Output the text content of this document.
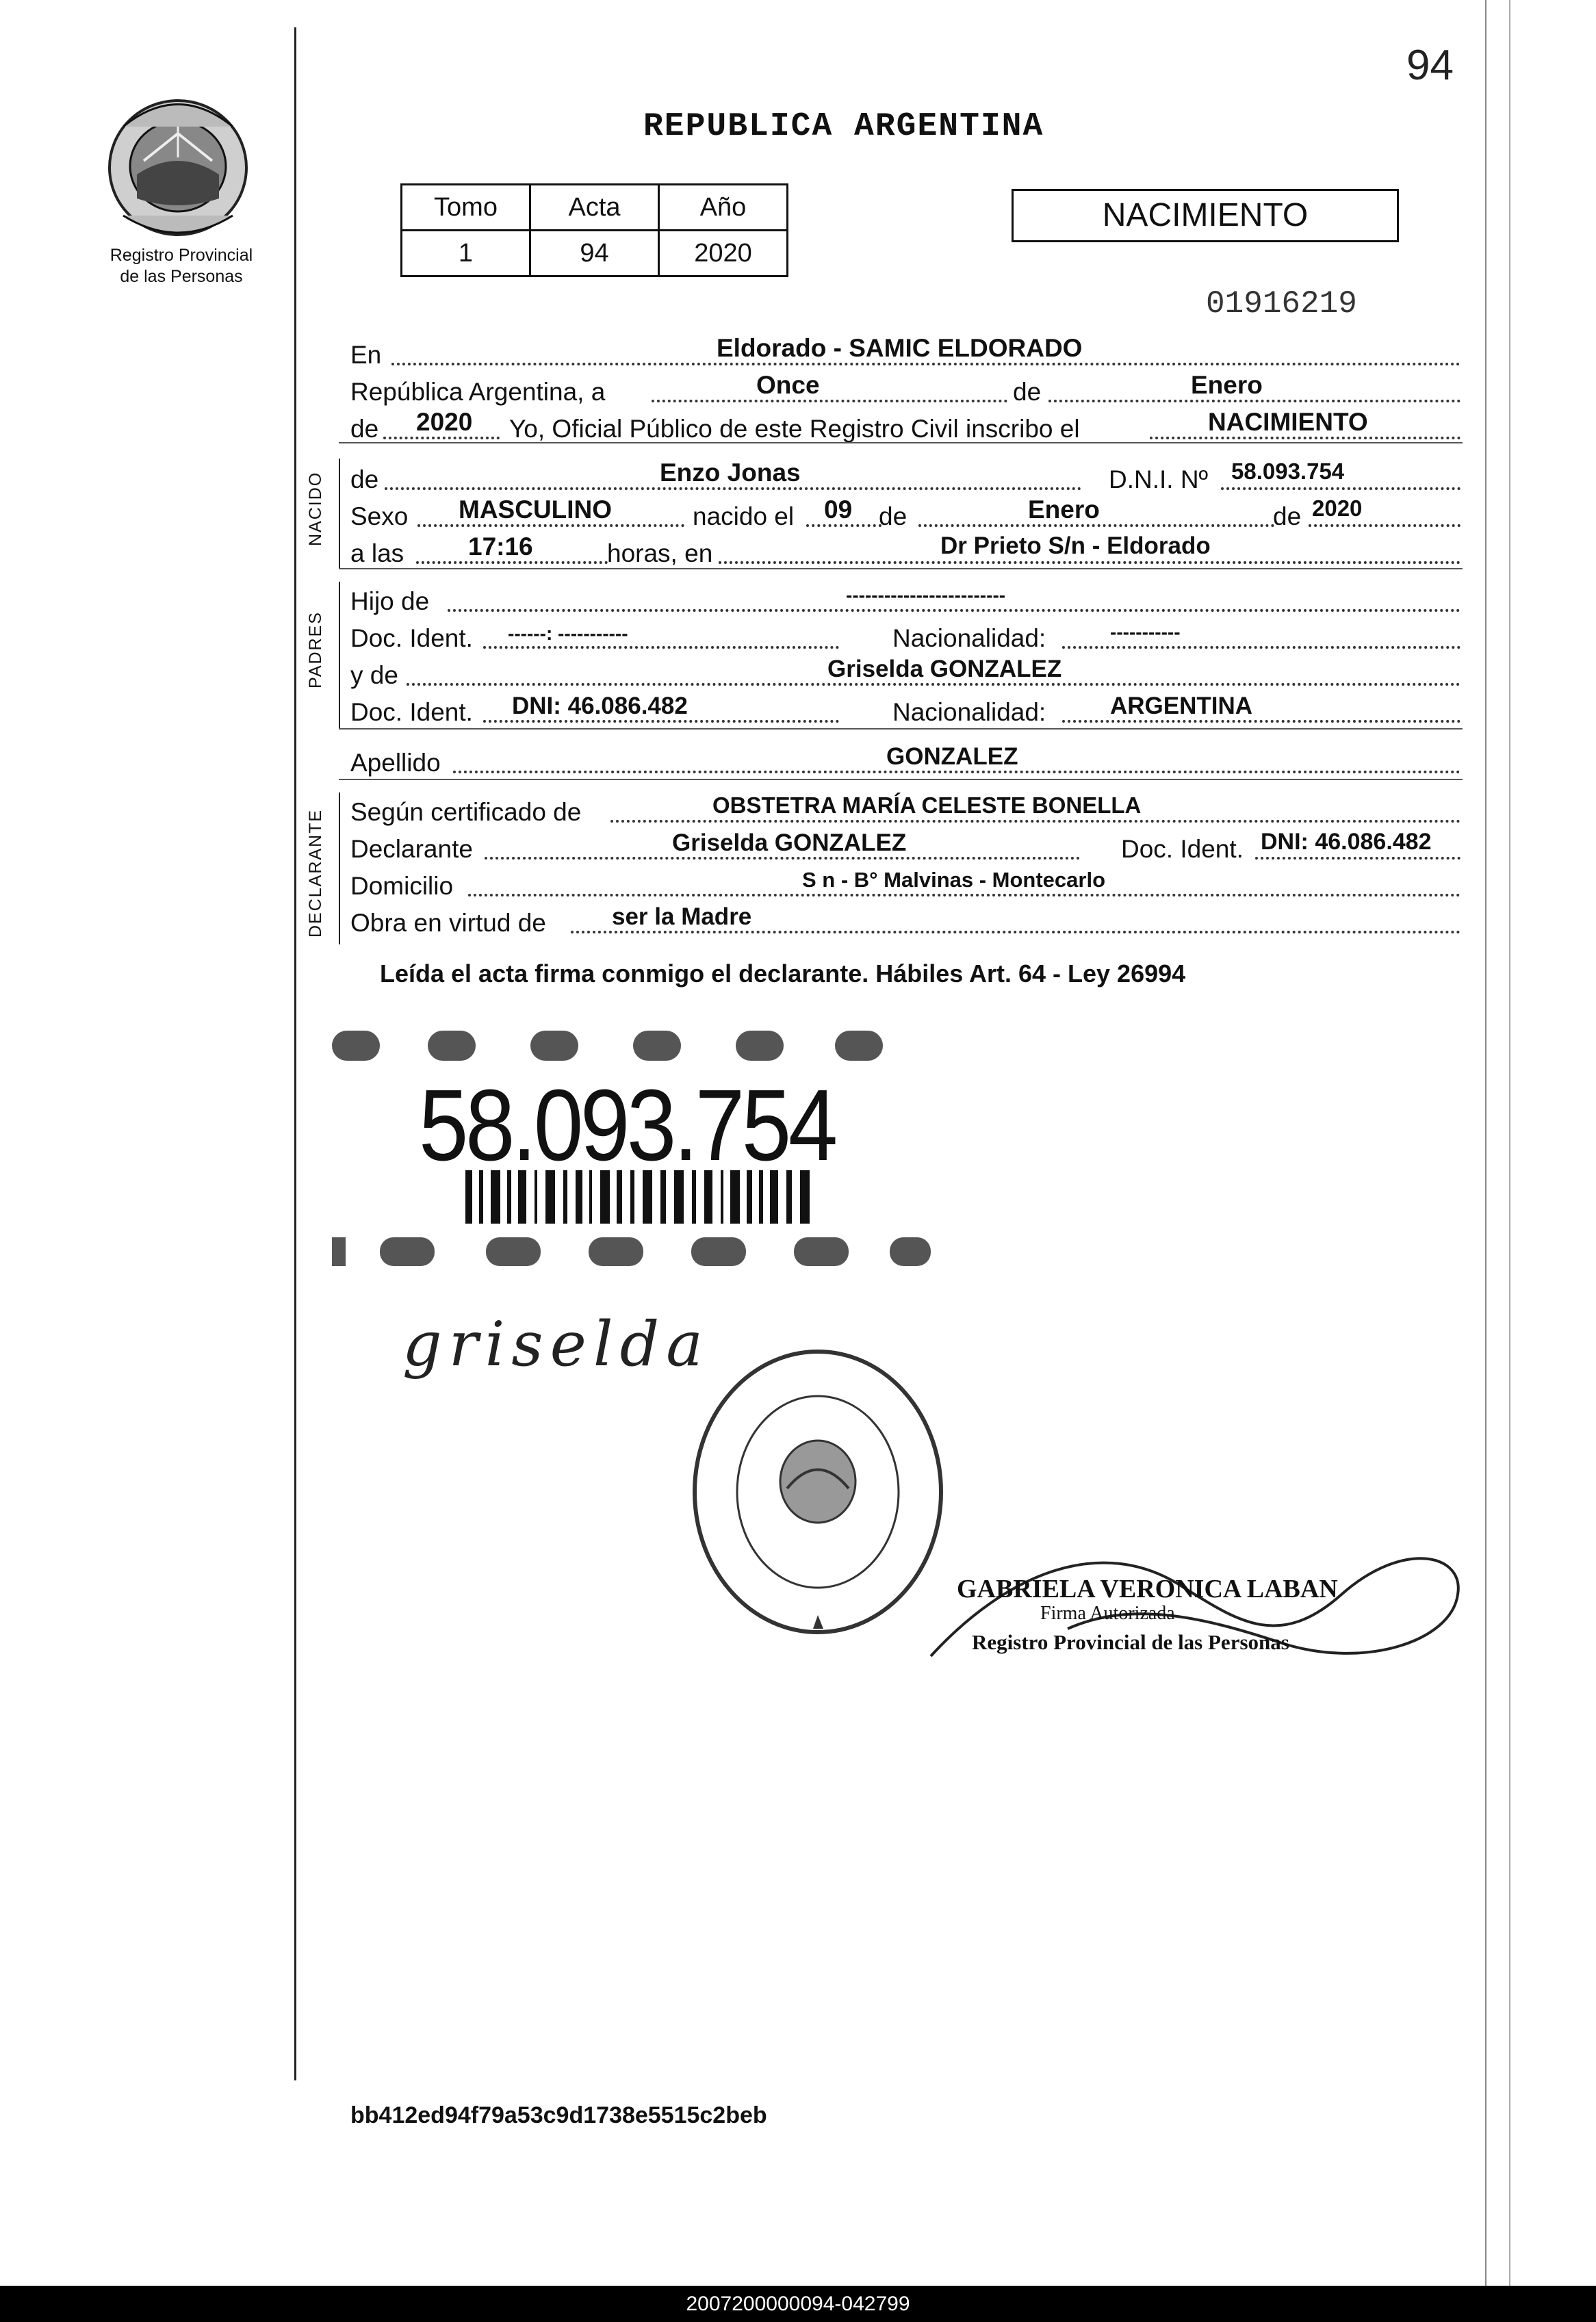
94
Registro Provincial
de las Personas
REPUBLICA ARGENTINA
Tomo	Acta	Año
1	94	2020
NACIMIENTO
01916219
En	Eldorado - SAMIC ELDORADO
República Argentina, a	Once	de	Enero
de 2020 Yo, Oficial Público de este Registro Civil inscribo el	NACIMIENTO
NACIDO de	Enzo Jonas	D.N.I. Nº 58.093.754
Sexo MASCULINO	nacido el 09 de	Enero	de 2020
a las	17:16	horas, en	Dr Prieto S/n - Eldorado
PADRES
Hijo de	-------------------------
Doc. Ident. ------: -----------	Nacionalidad:	-----------
y de	Griselda GONZALEZ
Doc. Ident. DNI: 46.086.482	Nacionalidad:	ARGENTINA
Apellido	GONZALEZ
DECLARANTE Según certificado de	OBSTETRA MARÍA CELESTE BONELLA
Declarante	Griselda GONZALEZ	Doc. Ident. DNI: 46.086.482
Domicilio	S n - B° Malvinas - Montecarlo
Obra en virtud de	ser la Madre
Leída el acta firma conmigo el declarante. Hábiles Art. 64 - Ley 26994
58.093.754
griselda
GABRIELA VERONICA LABAN
Firma Autorizada
Registro Provincial de las Personas
bb412ed94f79a53c9d1738e5515c2beb
2007200000094-042799
